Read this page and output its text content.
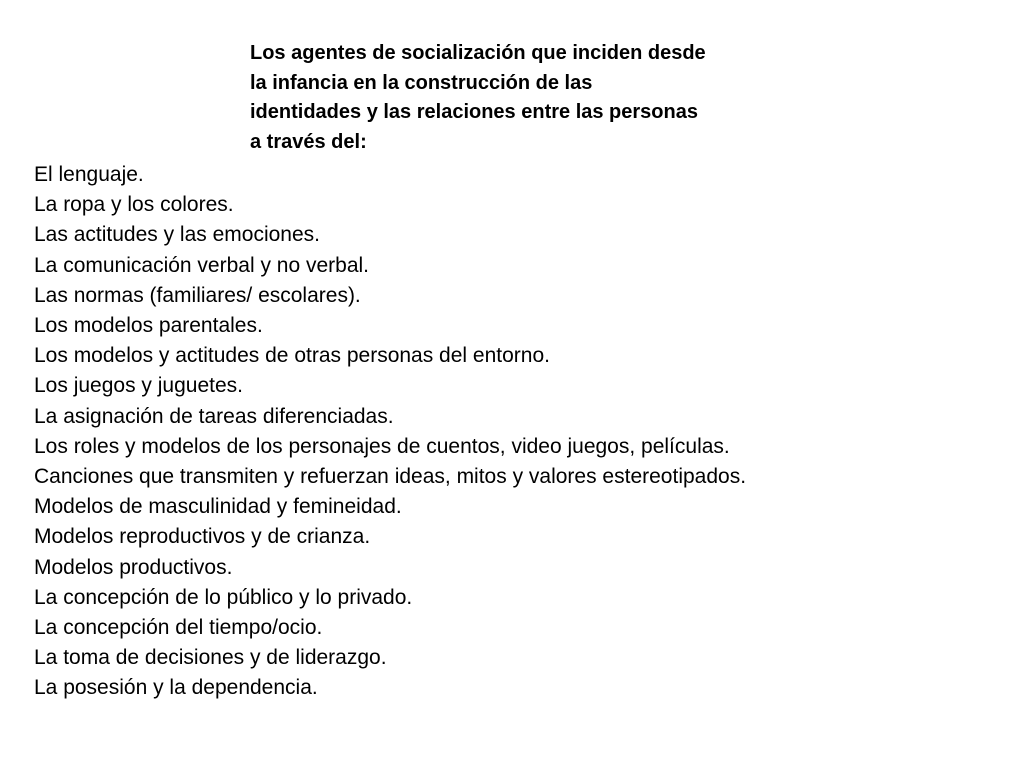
Los agentes de socialización que inciden desde
la infancia en la construcción de las
identidades y las relaciones entre las personas
a través del:
El lenguaje.
La ropa y los colores.
Las actitudes y las emociones.
La comunicación verbal y no verbal.
Las normas (familiares/ escolares).
Los modelos parentales.
Los modelos y actitudes de otras personas del entorno.
Los juegos y juguetes.
La asignación de tareas diferenciadas.
Los roles y modelos de los personajes de cuentos, video juegos, películas.
Canciones que transmiten y refuerzan ideas, mitos y valores estereotipados.
Modelos de masculinidad y femineidad.
Modelos reproductivos y de crianza.
Modelos productivos.
La concepción de lo público y lo privado.
La concepción del tiempo/ocio.
La toma de decisiones y de liderazgo.
La posesión y la dependencia.
